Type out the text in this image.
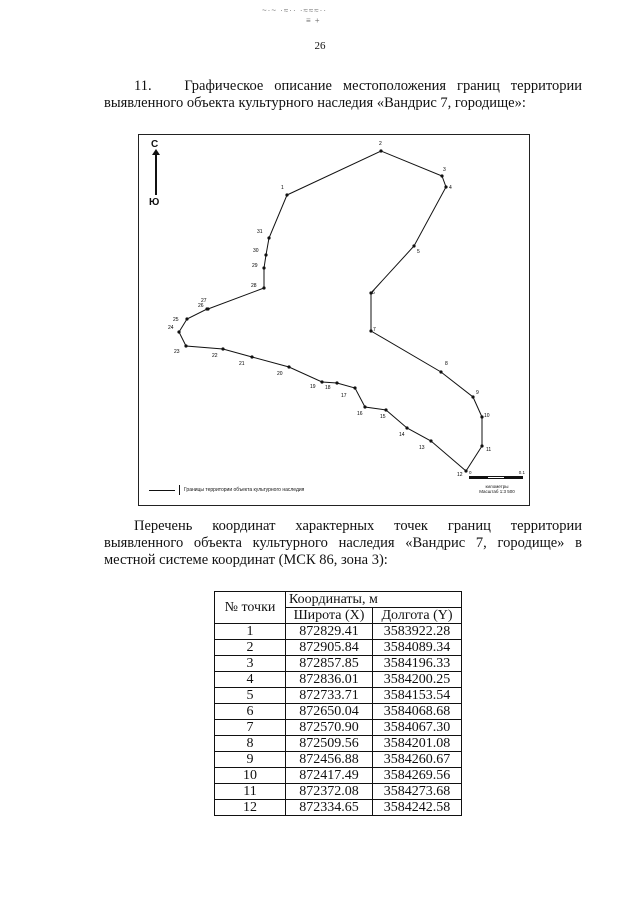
~·~ ·≈·· ·≈≈≈··
≡ +
26
11. Графическое описание местоположения границ территории выявленного объекта культурного наследия «Вандрис 7, городище»:
С
Ю
1
2
3
4
5
6
7
8
9
10
11
12
13
14
15
16
17
18
19
20
21
22
23
24
25
26
27
28
29
30
31
Границы территории объекта культурного наследия
0	0.1
километры
Масштаб 1:3 500
Перечень координат характерных точек границ территории выявленного объекта культурного наследия «Вандрис 7, городище» в местной системе координат (МСК 86, зона 3):
№ точки	Координаты, м	
	Широта (X)	Долгота (Y)
1	872829.41	3583922.28
2	872905.84	3584089.34
3	872857.85	3584196.33
4	872836.01	3584200.25
5	872733.71	3584153.54
6	872650.04	3584068.68
7	872570.90	3584067.30
8	872509.56	3584201.08
9	872456.88	3584260.67
10	872417.49	3584269.56
11	872372.08	3584273.68
12	872334.65	3584242.58
